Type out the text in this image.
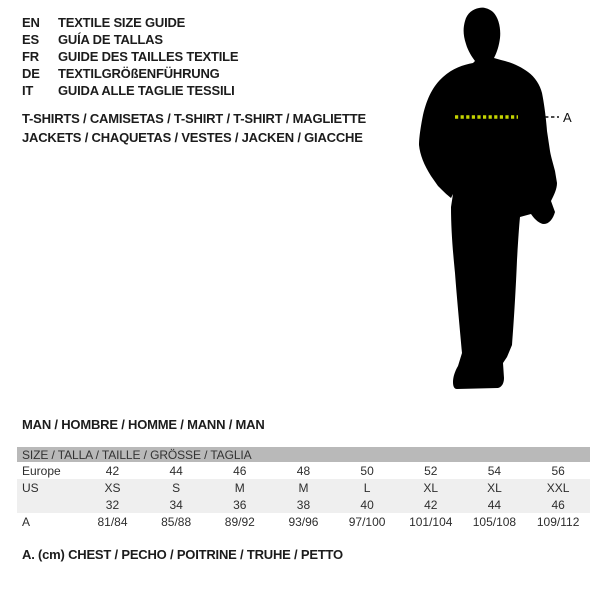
EN	TEXTILE SIZE GUIDE
ES	GUÍA DE TALLAS
FR	GUIDE DES TAILLES TEXTILE
DE	TEXTILGRÖßENFÜHRUNG
IT	GUIDA ALLE TAGLIE TESSILI
T-SHIRTS / CAMISETAS / T-SHIRT / T-SHIRT / MAGLIETTE
JACKETS / CHAQUETAS / VESTES / JACKEN / GIACCHE
A
MAN / HOMBRE / HOMME / MANN / MAN
SIZE / TALLA / TAILLE / GRÖSSE / TAGLIA								
Europe	42	44	46	48	50	52	54	56
US	XS	S	M	M	L	XL	XL	XXL
	32	34	36	38	40	42	44	46
A	81/84	85/88	89/92	93/96	97/100	101/104	105/108	109/112
A. (cm) CHEST / PECHO / POITRINE / TRUHE / PETTO
